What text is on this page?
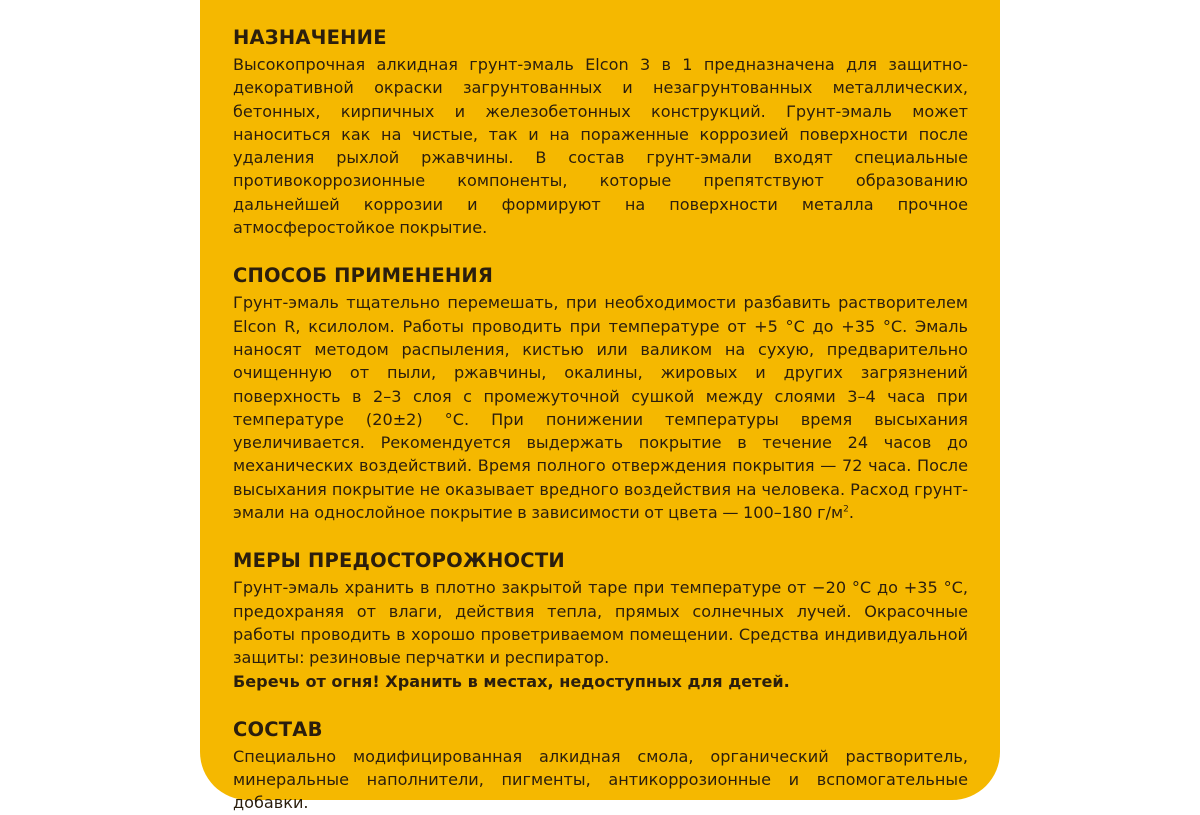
НАЗНАЧЕНИЕ

Высокопрочная алкидная грунт-эмаль Elcon 3 в 1 предназначена для защитно-декоративной окраски загрунтованных и незагрунтованных металлических, бетонных, кирпичных и железобетонных конструкций. Грунт-эмаль может наноситься как на чистые, так и на пораженные коррозией поверхности после удаления рыхлой ржавчины. В состав грунт-эмали входят специальные противокоррозионные компоненты, которые препятствуют образованию дальнейшей коррозии и формируют на поверхности металла прочное атмосферостойкое покрытие.

СПОСОБ ПРИМЕНЕНИЯ

Грунт-эмаль тщательно перемешать, при необходимости разбавить растворителем Elcon R, ксилолом. Работы проводить при температуре от +5 °С до +35 °С. Эмаль наносят методом распыления, кистью или валиком на сухую, предварительно очищенную от пыли, ржавчины, окалины, жировых и других загрязнений поверхность в 2–3 слоя с промежуточной сушкой между слоями 3–4 часа при температуре (20±2) °С. При понижении температуры время высыхания увеличивается. Рекомендуется выдержать покрытие в течение 24 часов до механических воздействий. Время полного отверждения покрытия — 72 часа. После высыхания покрытие не оказывает вредного воздействия на человека. Расход грунт-эмали на однослойное покрытие в зависимости от цвета — 100–180 $г/м^2$.

МЕРЫ ПРЕДОСТОРОЖНОСТИ

Грунт-эмаль хранить в плотно закрытой таре при температуре от −20 °С до +35 °С, предохраняя от влаги, действия тепла, прямых солнечных лучей. Окрасочные работы проводить в хорошо проветриваемом помещении. Средства индивидуальной защиты: резиновые перчатки и респиратор.

Беречь от огня! Хранить в местах, недоступных для детей.

СОСТАВ

Специально модифицированная алкидная смола, органический растворитель, минеральные наполнители, пигменты, антикоррозионные и вспомогательные добавки.
